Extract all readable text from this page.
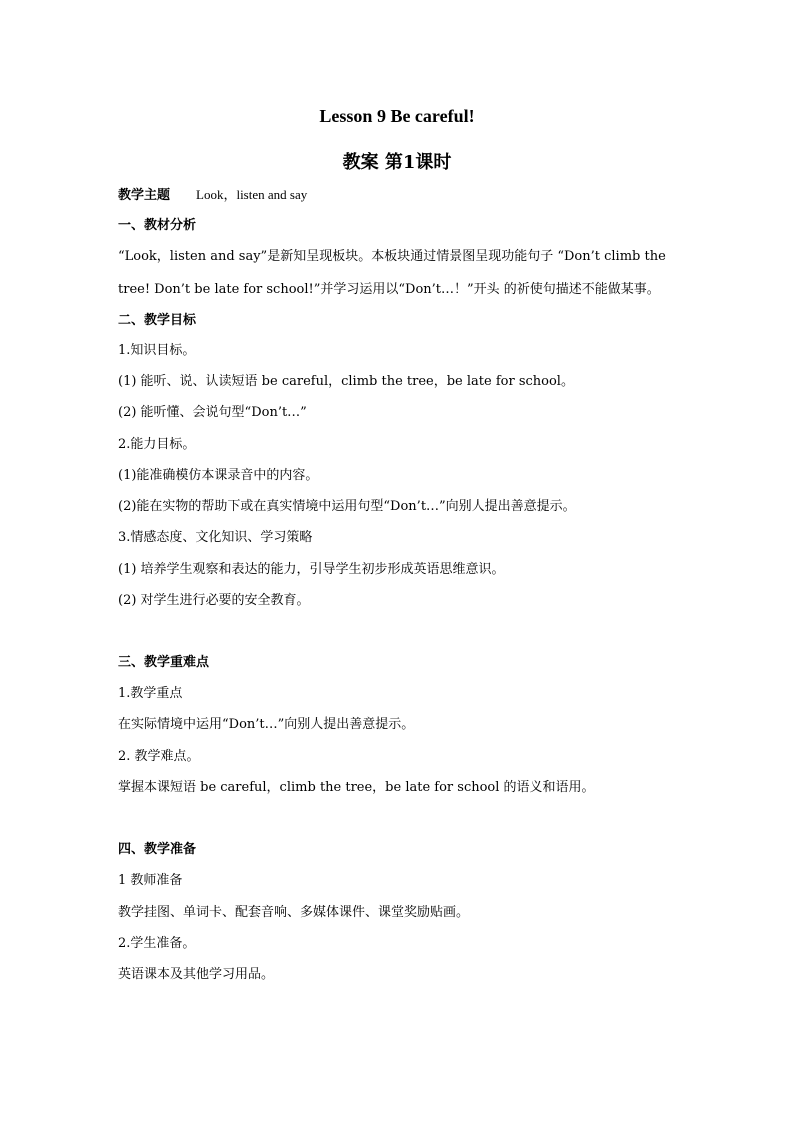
Lesson 9 Be careful!
教案 第1课时
教学主题 Look，listen and say
一、教材分析
“Look，listen and say”是新知呈现板块。本板块通过情景图呈现功能句子 “Don’t climb the
tree! Don’t be late for school!”并学习运用以“Don’t…！”开头 的祈使句描述不能做某事。
二、教学目标
1.知识目标。
(1) 能听、说、认读短语 be careful，climb the tree，be late for school。
(2) 能听懂、会说句型“Don’t…”
2.能力目标。
(1)能准确模仿本课录音中的内容。
(2)能在实物的帮助下或在真实情境中运用句型“Don’t…”向别人提出善意提示。
3.情感态度、文化知识、学习策略
(1) 培养学生观察和表达的能力，引导学生初步形成英语思维意识。
(2) 对学生进行必要的安全教育。
三、教学重难点
1.教学重点
在实际情境中运用“Don’t…”向别人提出善意提示。
2. 教学难点。
掌握本课短语 be careful，climb the tree，be late for school 的语义和语用。
四、教学准备
1 教师准备
教学挂图、单词卡、配套音响、多媒体课件、课堂奖励贴画。
2.学生准备。
英语课本及其他学习用品。
